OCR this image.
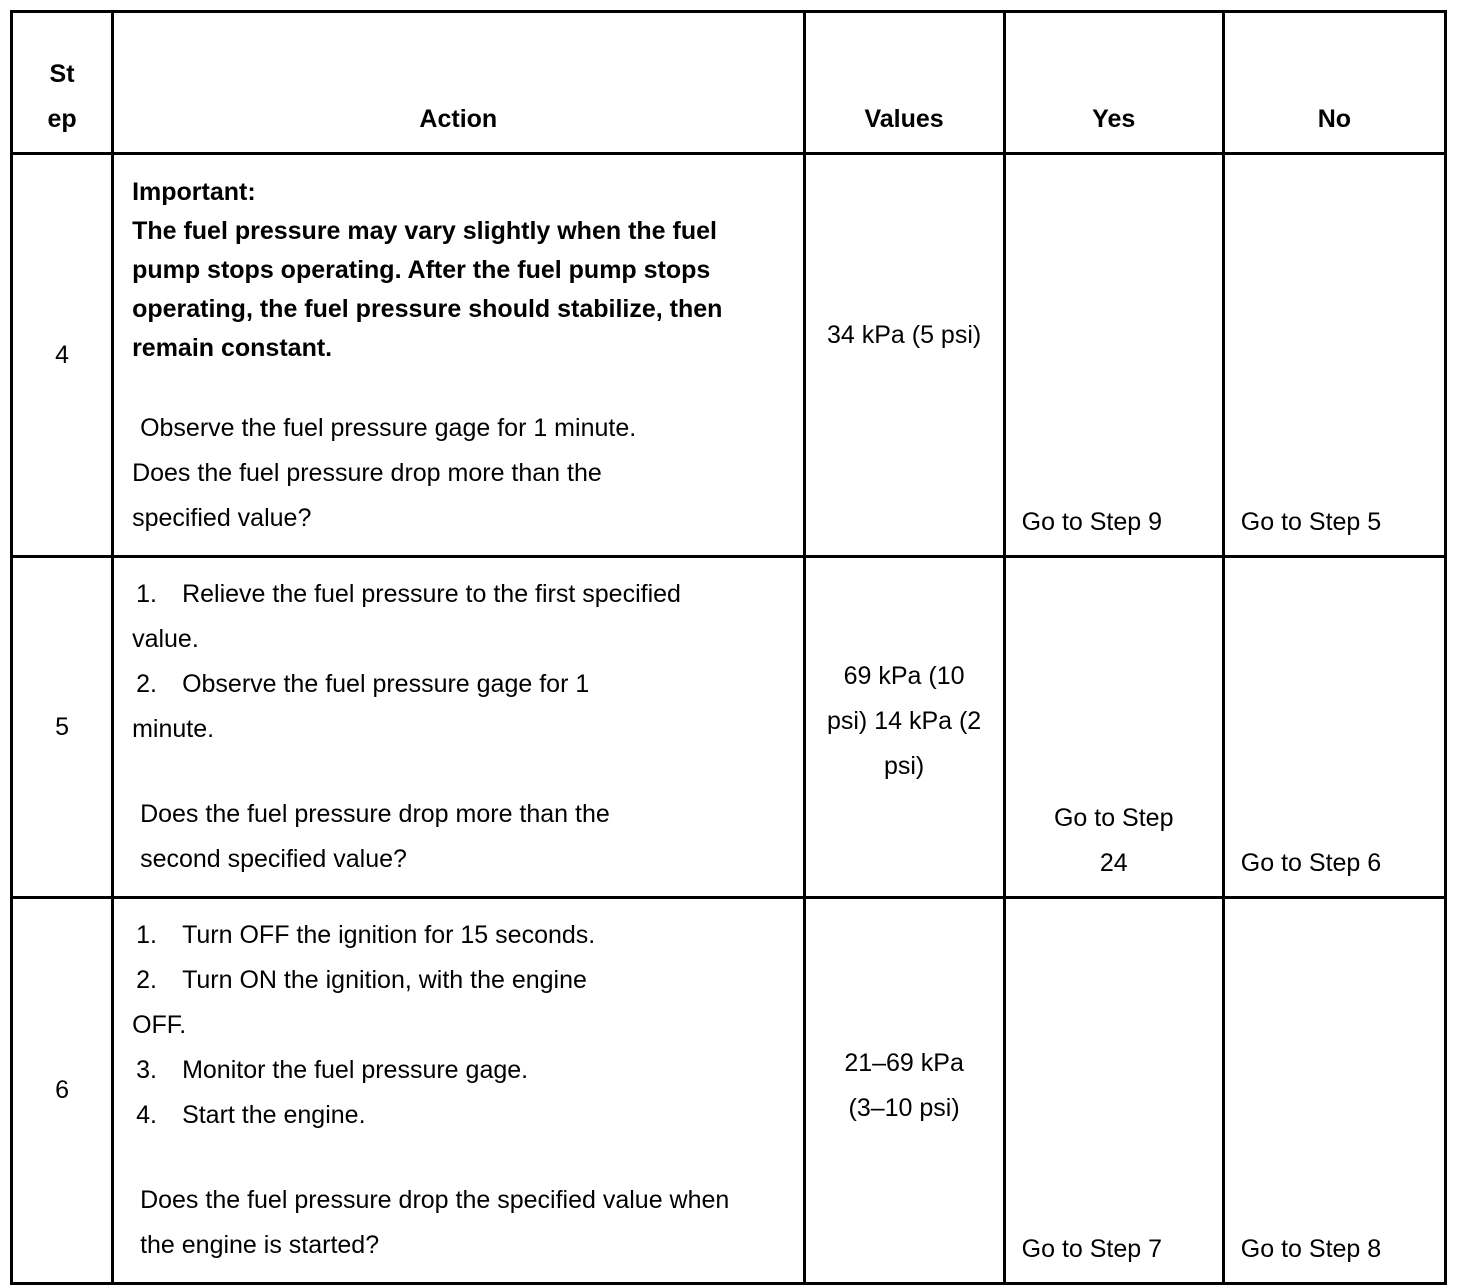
St ep	Action	Values	Yes	No
4	Important:
The fuel pressure may vary slightly when the fuel pump stops operating. After the fuel pump stops operating, the fuel pressure should stabilize, then remain constant.
Observe the fuel pressure gage for 1 minute.
Does the fuel pressure drop more than the specified value?	34 kPa (5 psi)	Go to Step 9	Go to Step 5
5	1. Relieve the fuel pressure to the first specified value.
2. Observe the fuel pressure gage for 1 minute.
Does the fuel pressure drop more than the second specified value?	69 kPa (10 psi) 14 kPa (2 psi)	Go to Step 24	Go to Step 6
6	1. Turn OFF the ignition for 15 seconds.
2. Turn ON the ignition, with the engine OFF.
3. Monitor the fuel pressure gage.
4. Start the engine.
Does the fuel pressure drop the specified value when the engine is started?	21–69 kPa (3–10 psi)	Go to Step 7	Go to Step 8
